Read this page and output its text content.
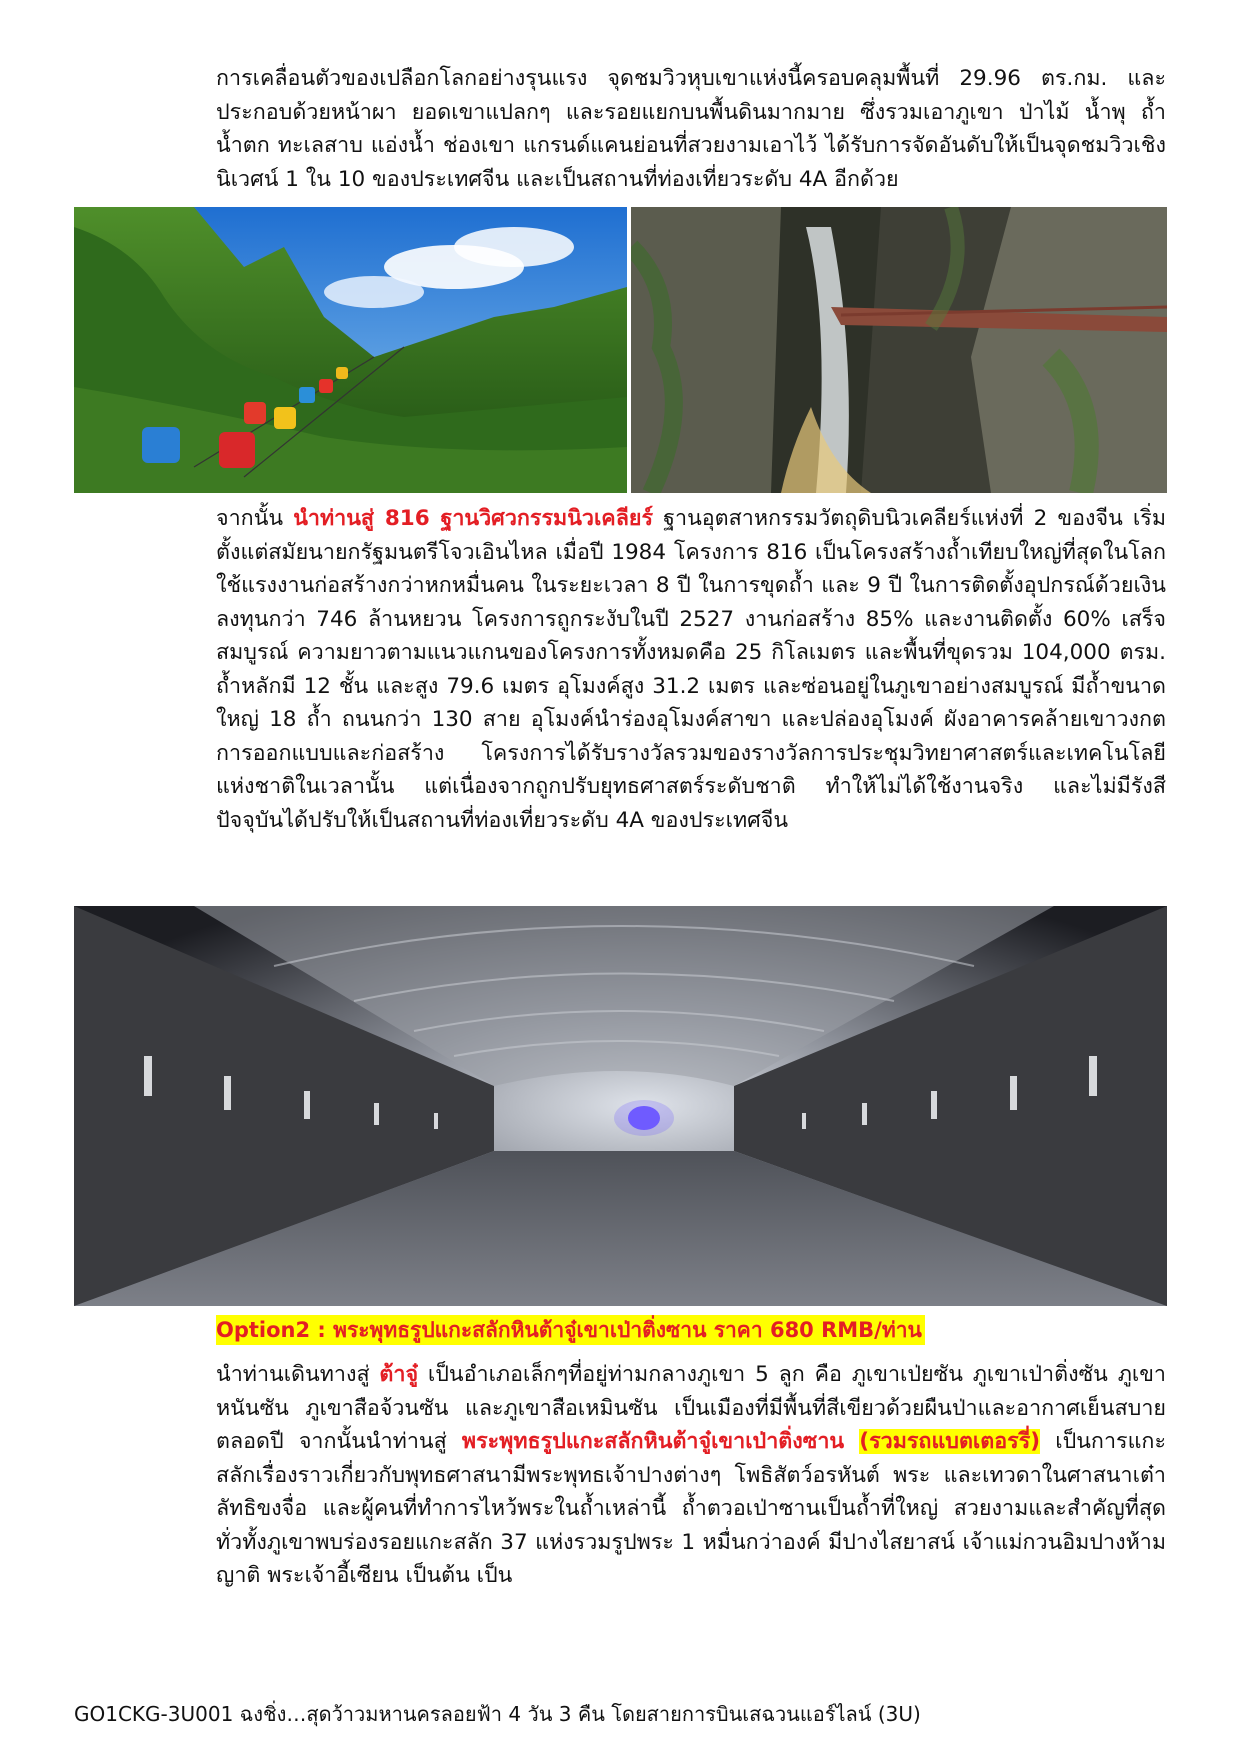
การเคลื่อนตัวของเปลือกโลกอย่างรุนแรง จุดชมวิวหุบเขาแห่งนี้ครอบคลุมพื้นที่ 29.96 ตร.กม. และ ประกอบด้วยหน้าผา ยอดเขาแปลกๆ และรอยแยกบนพื้นดินมากมาย ซึ่งรวมเอาภูเขา ป่าไม้ น้ำพุ ถ้ำ น้ำตก ทะเลสาบ แอ่งน้ำ ช่องเขา แกรนด์แคนย่อนที่สวยงามเอาไว้ ได้รับการจัดอันดับให้เป็นจุดชมวิวเชิงนิเวศน์ 1 ใน 10 ของประเทศจีน และเป็นสถานที่ท่องเที่ยวระดับ 4A อีกด้วย

จากนั้น นำท่านสู่ 816 ฐานวิศวกรรมนิวเคลียร์ ฐานอุตสาหกรรมวัตถุดิบนิวเคลียร์แห่งที่ 2 ของจีน เริ่มตั้งแต่สมัยนายกรัฐมนตรีโจวเอินไหล เมื่อปี 1984 โครงการ 816 เป็นโครงสร้างถ้ำเทียบใหญ่ที่สุดในโลก ใช้แรงงานก่อสร้างกว่าหกหมื่นคน ในระยะเวลา 8 ปี ในการขุดถ้ำ และ 9 ปี ในการติดตั้งอุปกรณ์ด้วยเงินลงทุนกว่า 746 ล้านหยวน โครงการถูกระงับในปี 2527 งานก่อสร้าง 85% และงานติดตั้ง 60% เสร็จสมบูรณ์ ความยาวตามแนวแกนของโครงการทั้งหมดคือ 25 กิโลเมตร และพื้นที่ขุดรวม 104,000 ตรม. ถ้ำหลักมี 12 ชั้น และสูง 79.6 เมตร อุโมงค์สูง 31.2 เมตร และซ่อนอยู่ในภูเขาอย่างสมบูรณ์ มีถ้ำขนาดใหญ่ 18 ถ้ำ ถนนกว่า 130 สาย อุโมงค์นำร่องอุโมงค์สาขา และปล่องอุโมงค์ ผังอาคารคล้ายเขาวงกต การออกแบบและก่อสร้าง โครงการได้รับรางวัลรวมของรางวัลการประชุมวิทยาศาสตร์และเทคโนโลยีแห่งชาติในเวลานั้น แต่เนื่องจากถูกปรับยุทธศาสตร์ระดับชาติ ทำให้ไม่ได้ใช้งานจริง และไม่มีรังสี ปัจจุบันได้ปรับให้เป็นสถานที่ท่องเที่ยวระดับ 4A ของประเทศจีน

Option2 : พระพุทธรูปแกะสลักหินต้าจู๋เขาเป่าติ่งซาน ราคา 680 RMB/ท่าน

นำท่านเดินทางสู่ ต้าจู๋ เป็นอำเภอเล็กๆที่อยู่ท่ามกลางภูเขา 5 ลูก คือ ภูเขาเป่ยซัน ภูเขาเป่าติ่งซัน ภูเขาหนันซัน ภูเขาสือจ้วนซัน และภูเขาสือเหมินซัน เป็นเมืองที่มีพื้นที่สีเขียวด้วยผืนป่าและอากาศเย็นสบายตลอดปี จากนั้นนำท่านสู่ พระพุทธรูปแกะสลักหินต้าจู๋เขาเป่าติ่งซาน (รวมรถแบตเตอรรี่) เป็นการแกะสลักเรื่องราวเกี่ยวกับพุทธศาสนามีพระพุทธเจ้าปางต่างๆ โพธิสัตว์อรหันต์ พระ และเทวดาในศาสนาเต๋า ลัทธิขงจื่อ และผู้คนที่ทำการไหว้พระในถ้ำเหล่านี้ ถ้ำตวอเป่าซานเป็นถ้ำที่ใหญ่ สวยงามและสำคัญที่สุด ทั่วทั้งภูเขาพบร่องรอยแกะสลัก 37 แห่งรวมรูปพระ 1 หมื่นกว่าองค์ มีปางไสยาสน์ เจ้าแม่กวนอิมปางห้ามญาติ พระเจ้าอี้เซียน เป็นต้น เป็น

GO1CKG-3U001 ฉงชิ่ง…สุดว้าวมหานครลอยฟ้า 4 วัน 3 คืน โดยสายการบินเสฉวนแอร์ไลน์ (3U)
